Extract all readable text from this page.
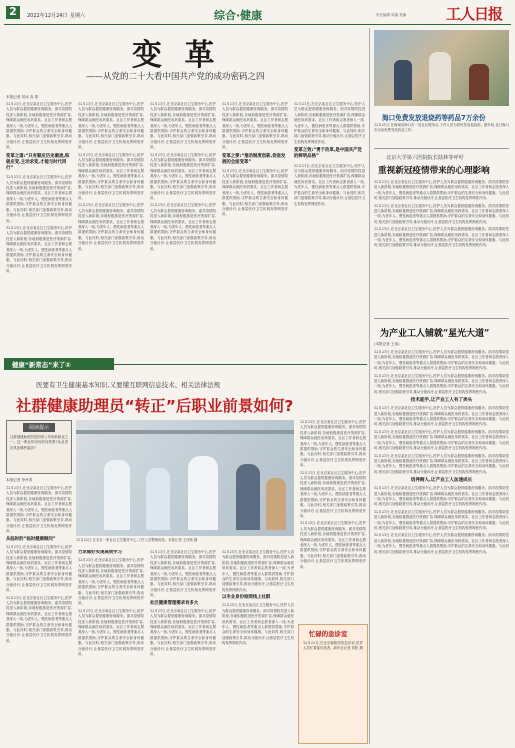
2	2022年12月24日 星期六	综合·健康	责任编辑 周丽 美编	工人日报
变 革
——从党的二十大看中国共产党的成功密码之四
本报记者 刘冰 高 蒙

12月21日,在北京某社区卫生服务中心,医护人员为群众提供健康咨询服务。面对疫情防控进入新阶段,各地积极推进医疗资源扩容,保障群众就医用药需求。社区工作者和志愿者深入一线,为老年人、慢性病患者等重点人群提供帮助,守护群众的生命安全和身体健康。与此同时,相关部门加强政策引导,推动分级诊疗,让基层医疗卫生机构发挥网底作用。

变革之道:“只有顺应历史潮流,积极应变,主动求变,才能与时代同行”

12月21日,在北京某社区卫生服务中心,医护人员为群众提供健康咨询服务。面对疫情防控进入新阶段,各地积极推进医疗资源扩容,保障群众就医用药需求。社区工作者和志愿者深入一线,为老年人、慢性病患者等重点人群提供帮助,守护群众的生命安全和身体健康。与此同时,相关部门加强政策引导,推动分级诊疗,让基层医疗卫生机构发挥网底作用。

12月21日,在北京某社区卫生服务中心,医护人员为群众提供健康咨询服务。面对疫情防控进入新阶段,各地积极推进医疗资源扩容,保障群众就医用药需求。社区工作者和志愿者深入一线,为老年人、慢性病患者等重点人群提供帮助,守护群众的生命安全和身体健康。与此同时,相关部门加强政策引导,推动分级诊疗,让基层医疗卫生机构发挥网底作用。

12月21日,在北京某社区卫生服务中心,医护人员为群众提供健康咨询服务。面对疫情防控进入新阶段,各地积极推进医疗资源扩容,保障群众就医用药需求。社区工作者和志愿者深入一线,为老年人、慢性病患者等重点人群提供帮助,守护群众的生命安全和身体健康。与此同时,相关部门加强政策引导,推动分级诊疗,让基层医疗卫生机构发挥网底作用。

12月21日,在北京某社区卫生服务中心,医护人员为群众提供健康咨询服务。面对疫情防控进入新阶段,各地积极推进医疗资源扩容,保障群众就医用药需求。社区工作者和志愿者深入一线,为老年人、慢性病患者等重点人群提供帮助,守护群众的生命安全和身体健康。与此同时,相关部门加强政策引导,推动分级诊疗,让基层医疗卫生机构发挥网底作用。

12月21日,在北京某社区卫生服务中心,医护人员为群众提供健康咨询服务。面对疫情防控进入新阶段,各地积极推进医疗资源扩容,保障群众就医用药需求。社区工作者和志愿者深入一线,为老年人、慢性病患者等重点人群提供帮助,守护群众的生命安全和身体健康。与此同时,相关部门加强政策引导,推动分级诊疗,让基层医疗卫生机构发挥网底作用。

12月21日,在北京某社区卫生服务中心,医护人员为群众提供健康咨询服务。面对疫情防控进入新阶段,各地积极推进医疗资源扩容,保障群众就医用药需求。社区工作者和志愿者深入一线,为老年人、慢性病患者等重点人群提供帮助,守护群众的生命安全和身体健康。与此同时,相关部门加强政策引导,推动分级诊疗,让基层医疗卫生机构发挥网底作用。

12月21日,在北京某社区卫生服务中心,医护人员为群众提供健康咨询服务。面对疫情防控进入新阶段,各地积极推进医疗资源扩容,保障群众就医用药需求。社区工作者和志愿者深入一线,为老年人、慢性病患者等重点人群提供帮助,守护群众的生命安全和身体健康。与此同时,相关部门加强政策引导,推动分级诊疗,让基层医疗卫生机构发挥网底作用。

12月21日,在北京某社区卫生服务中心,医护人员为群众提供健康咨询服务。面对疫情防控进入新阶段,各地积极推进医疗资源扩容,保障群众就医用药需求。社区工作者和志愿者深入一线,为老年人、慢性病患者等重点人群提供帮助,守护群众的生命安全和身体健康。与此同时,相关部门加强政策引导,推动分级诊疗,让基层医疗卫生机构发挥网底作用。

12月21日,在北京某社区卫生服务中心,医护人员为群众提供健康咨询服务。面对疫情防控进入新阶段,各地积极推进医疗资源扩容,保障群众就医用药需求。社区工作者和志愿者深入一线,为老年人、慢性病患者等重点人群提供帮助,守护群众的生命安全和身体健康。与此同时,相关部门加强政策引导,推动分级诊疗,让基层医疗卫生机构发挥网底作用。

变革之要:“推动制度创新,促进发展的全面变革”

12月21日,在北京某社区卫生服务中心,医护人员为群众提供健康咨询服务。面对疫情防控进入新阶段,各地积极推进医疗资源扩容,保障群众就医用药需求。社区工作者和志愿者深入一线,为老年人、慢性病患者等重点人群提供帮助,守护群众的生命安全和身体健康。与此同时,相关部门加强政策引导,推动分级诊疗,让基层医疗卫生机构发挥网底作用。

12月21日,在北京某社区卫生服务中心,医护人员为群众提供健康咨询服务。面对疫情防控进入新阶段,各地积极推进医疗资源扩容,保障群众就医用药需求。社区工作者和志愿者深入一线,为老年人、慢性病患者等重点人群提供帮助,守护群众的生命安全和身体健康。与此同时,相关部门加强政策引导,推动分级诊疗,让基层医疗卫生机构发挥网底作用。

变革之效:“勇于改革,是中国共产党的鲜明品格”

12月21日,在北京某社区卫生服务中心,医护人员为群众提供健康咨询服务。面对疫情防控进入新阶段,各地积极推进医疗资源扩容,保障群众就医用药需求。社区工作者和志愿者深入一线,为老年人、慢性病患者等重点人群提供帮助,守护群众的生命安全和身体健康。与此同时,相关部门加强政策引导,推动分级诊疗,让基层医疗卫生机构发挥网底作用。

海口免费发放退烧药等药品7万余份

12月21日,在海南省海口市一处社区服务点,工作人员为居民发放退烧药。据介绍,近日海口市启动免费发放药品工作。

北京大学第六医院院长陆林等呼吁
重视新冠疫情带来的心理影响

12月21日,在北京某社区卫生服务中心,医护人员为群众提供健康咨询服务。面对疫情防控进入新阶段,各地积极推进医疗资源扩容,保障群众就医用药需求。社区工作者和志愿者深入一线,为老年人、慢性病患者等重点人群提供帮助,守护群众的生命安全和身体健康。与此同时,相关部门加强政策引导,推动分级诊疗,让基层医疗卫生机构发挥网底作用。

12月21日,在北京某社区卫生服务中心,医护人员为群众提供健康咨询服务。面对疫情防控进入新阶段,各地积极推进医疗资源扩容,保障群众就医用药需求。社区工作者和志愿者深入一线,为老年人、慢性病患者等重点人群提供帮助,守护群众的生命安全和身体健康。与此同时,相关部门加强政策引导,推动分级诊疗,让基层医疗卫生机构发挥网底作用。

12月21日,在北京某社区卫生服务中心,医护人员为群众提供健康咨询服务。面对疫情防控进入新阶段,各地积极推进医疗资源扩容,保障群众就医用药需求。社区工作者和志愿者深入一线,为老年人、慢性病患者等重点人群提供帮助,守护群众的生命安全和身体健康。与此同时,相关部门加强政策引导,推动分级诊疗,让基层医疗卫生机构发挥网底作用。

为产业工人铺就“星光大道”
(本报记者 王伟)

12月21日,在北京某社区卫生服务中心,医护人员为群众提供健康咨询服务。面对疫情防控进入新阶段,各地积极推进医疗资源扩容,保障群众就医用药需求。社区工作者和志愿者深入一线,为老年人、慢性病患者等重点人群提供帮助,守护群众的生命安全和身体健康。与此同时,相关部门加强政策引导,推动分级诊疗,让基层医疗卫生机构发挥网底作用。

12月21日,在北京某社区卫生服务中心,医护人员为群众提供健康咨询服务。面对疫情防控进入新阶段,各地积极推进医疗资源扩容,保障群众就医用药需求。社区工作者和志愿者深入一线,为老年人、慢性病患者等重点人群提供帮助,守护群众的生命安全和身体健康。与此同时,相关部门加强政策引导,推动分级诊疗,让基层医疗卫生机构发挥网底作用。

技术能手,让产业工人有了奔头

12月21日,在北京某社区卫生服务中心,医护人员为群众提供健康咨询服务。面对疫情防控进入新阶段,各地积极推进医疗资源扩容,保障群众就医用药需求。社区工作者和志愿者深入一线,为老年人、慢性病患者等重点人群提供帮助,守护群众的生命安全和身体健康。与此同时,相关部门加强政策引导,推动分级诊疗,让基层医疗卫生机构发挥网底作用。

12月21日,在北京某社区卫生服务中心,医护人员为群众提供健康咨询服务。面对疫情防控进入新阶段,各地积极推进医疗资源扩容,保障群众就医用药需求。社区工作者和志愿者深入一线,为老年人、慢性病患者等重点人群提供帮助,守护群众的生命安全和身体健康。与此同时,相关部门加强政策引导,推动分级诊疗,让基层医疗卫生机构发挥网底作用。

12月21日,在北京某社区卫生服务中心,医护人员为群众提供健康咨询服务。面对疫情防控进入新阶段,各地积极推进医疗资源扩容,保障群众就医用药需求。社区工作者和志愿者深入一线,为老年人、慢性病患者等重点人群提供帮助,守护群众的生命安全和身体健康。与此同时,相关部门加强政策引导,推动分级诊疗,让基层医疗卫生机构发挥网底作用。

培养跨人,让产业工人加速成长

12月21日,在北京某社区卫生服务中心,医护人员为群众提供健康咨询服务。面对疫情防控进入新阶段,各地积极推进医疗资源扩容,保障群众就医用药需求。社区工作者和志愿者深入一线,为老年人、慢性病患者等重点人群提供帮助,守护群众的生命安全和身体健康。与此同时,相关部门加强政策引导,推动分级诊疗,让基层医疗卫生机构发挥网底作用。

12月21日,在北京某社区卫生服务中心,医护人员为群众提供健康咨询服务。面对疫情防控进入新阶段,各地积极推进医疗资源扩容,保障群众就医用药需求。社区工作者和志愿者深入一线,为老年人、慢性病患者等重点人群提供帮助,守护群众的生命安全和身体健康。与此同时,相关部门加强政策引导,推动分级诊疗,让基层医疗卫生机构发挥网底作用。

12月21日,在北京某社区卫生服务中心,医护人员为群众提供健康咨询服务。面对疫情防控进入新阶段,各地积极推进医疗资源扩容,保障群众就医用药需求。社区工作者和志愿者深入一线,为老年人、慢性病患者等重点人群提供帮助,守护群众的生命安全和身体健康。与此同时,相关部门加强政策引导,推动分级诊疗,让基层医疗卫生机构发挥网底作用。

健康“新常态”来了②
医要有卫生健康基本知识,又要懂互联网信息技术、相关法律法规
社群健康助理员“转正”后职业前景如何?
阅读提示

社群健康助理员是国家公布的新职业之一。这一职业的出现有何背景?从业者应具备哪些素质?

本报记者 李丹青

12月21日,在北京某社区卫生服务中心,医护人员为群众提供健康咨询服务。面对疫情防控进入新阶段,各地积极推进医疗资源扩容,保障群众就医用药需求。社区工作者和志愿者深入一线,为老年人、慢性病患者等重点人群提供帮助,守护群众的生命安全和身体健康。与此同时,相关部门加强政策引导,推动分级诊疗,让基层医疗卫生机构发挥网底作用。

从临时的“临时健康顾问”

12月21日,在北京某社区卫生服务中心,医护人员为群众提供健康咨询服务。面对疫情防控进入新阶段,各地积极推进医疗资源扩容,保障群众就医用药需求。社区工作者和志愿者深入一线,为老年人、慢性病患者等重点人群提供帮助,守护群众的生命安全和身体健康。与此同时,相关部门加强政策引导,推动分级诊疗,让基层医疗卫生机构发挥网底作用。

12月21日,在北京某社区卫生服务中心,医护人员为群众提供健康咨询服务。面对疫情防控进入新阶段,各地积极推进医疗资源扩容,保障群众就医用药需求。社区工作者和志愿者深入一线,为老年人、慢性病患者等重点人群提供帮助,守护群众的生命安全和身体健康。与此同时,相关部门加强政策引导,推动分级诊疗,让基层医疗卫生机构发挥网底作用。

12月22日,在北京一家社区卫生服务中心,工作人员整理药品。本报记者 王伟伟 摄

力求做好实现高效学习

12月21日,在北京某社区卫生服务中心,医护人员为群众提供健康咨询服务。面对疫情防控进入新阶段,各地积极推进医疗资源扩容,保障群众就医用药需求。社区工作者和志愿者深入一线,为老年人、慢性病患者等重点人群提供帮助,守护群众的生命安全和身体健康。与此同时,相关部门加强政策引导,推动分级诊疗,让基层医疗卫生机构发挥网底作用。

12月21日,在北京某社区卫生服务中心,医护人员为群众提供健康咨询服务。面对疫情防控进入新阶段,各地积极推进医疗资源扩容,保障群众就医用药需求。社区工作者和志愿者深入一线,为老年人、慢性病患者等重点人群提供帮助,守护群众的生命安全和身体健康。与此同时,相关部门加强政策引导,推动分级诊疗,让基层医疗卫生机构发挥网底作用。

12月21日,在北京某社区卫生服务中心,医护人员为群众提供健康咨询服务。面对疫情防控进入新阶段,各地积极推进医疗资源扩容,保障群众就医用药需求。社区工作者和志愿者深入一线,为老年人、慢性病患者等重点人群提供帮助,守护群众的生命安全和身体健康。与此同时,相关部门加强政策引导,推动分级诊疗,让基层医疗卫生机构发挥网底作用。

社区健康管理需求有多大

12月21日,在北京某社区卫生服务中心,医护人员为群众提供健康咨询服务。面对疫情防控进入新阶段,各地积极推进医疗资源扩容,保障群众就医用药需求。社区工作者和志愿者深入一线,为老年人、慢性病患者等重点人群提供帮助,守护群众的生命安全和身体健康。与此同时,相关部门加强政策引导,推动分级诊疗,让基层医疗卫生机构发挥网底作用。

12月21日,在北京某社区卫生服务中心,医护人员为群众提供健康咨询服务。面对疫情防控进入新阶段,各地积极推进医疗资源扩容,保障群众就医用药需求。社区工作者和志愿者深入一线,为老年人、慢性病患者等重点人群提供帮助,守护群众的生命安全和身体健康。与此同时,相关部门加强政策引导,推动分级诊疗,让基层医疗卫生机构发挥网底作用。

以专业身份检阅线上社群

12月21日,在北京某社区卫生服务中心,医护人员为群众提供健康咨询服务。面对疫情防控进入新阶段,各地积极推进医疗资源扩容,保障群众就医用药需求。社区工作者和志愿者深入一线,为老年人、慢性病患者等重点人群提供帮助,守护群众的生命安全和身体健康。与此同时,相关部门加强政策引导,推动分级诊疗,让基层医疗卫生机构发挥网底作用。

12月21日,在北京某社区卫生服务中心,医护人员为群众提供健康咨询服务。面对疫情防控进入新阶段,各地积极推进医疗资源扩容,保障群众就医用药需求。社区工作者和志愿者深入一线,为老年人、慢性病患者等重点人群提供帮助,守护群众的生命安全和身体健康。与此同时,相关部门加强政策引导,推动分级诊疗,让基层医疗卫生机构发挥网底作用。

12月21日,在北京某社区卫生服务中心,医护人员为群众提供健康咨询服务。面对疫情防控进入新阶段,各地积极推进医疗资源扩容,保障群众就医用药需求。社区工作者和志愿者深入一线,为老年人、慢性病患者等重点人群提供帮助,守护群众的生命安全和身体健康。与此同时,相关部门加强政策引导,推动分级诊疗,让基层医疗卫生机构发挥网底作用。

12月21日,在北京某社区卫生服务中心,医护人员为群众提供健康咨询服务。面对疫情防控进入新阶段,各地积极推进医疗资源扩容,保障群众就医用药需求。社区工作者和志愿者深入一线,为老年人、慢性病患者等重点人群提供帮助,守护群众的生命安全和身体健康。与此同时,相关部门加强政策引导,推动分级诊疗,让基层医疗卫生机构发挥网底作用。

忙碌的急诊室

12月22日,在北京朝阳医院急诊室,医护人员忙着接诊患者。新华社记者 刘阳 摄
